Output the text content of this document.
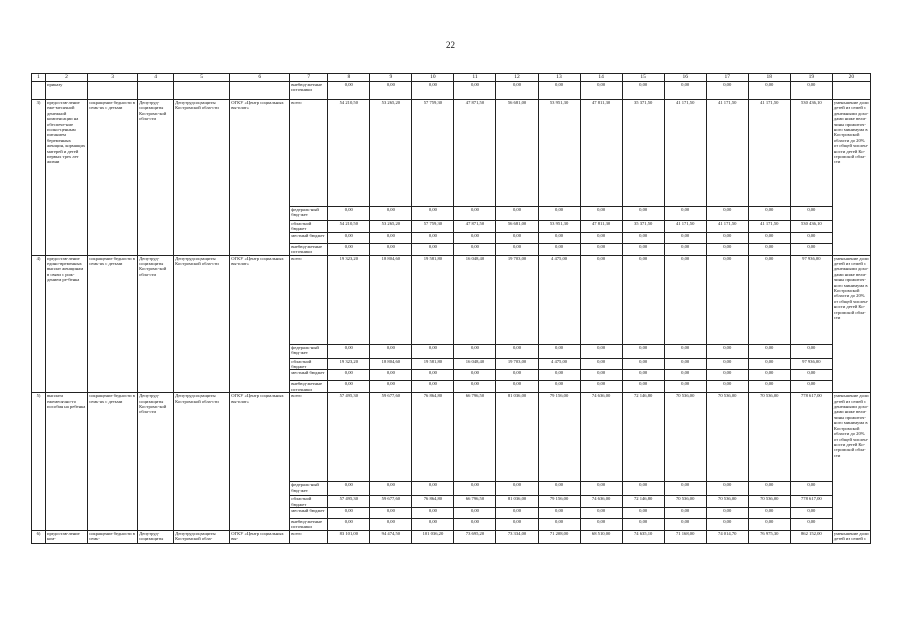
22
1	2	3	4	5	6	7	8	9	10	11	12	13	14	15	16	17	18	19	20
	приказу					внебюд-жетные источники	0,00	0,00	0,00	0,00	0,00	0,00	0,00	0,00	0,00	0,00	0,00	0,00	
3)	предостав-ление еже-месячной денежной компенсации на обеспече-ние полно-ценным питанием беременных женщин, кормящих матерей и детей первых трех лет жизни	сокращение бедности в семь-ях с детьми	Депутруд-социзащиты Костромс-кой обла-сти	Депутрудсоцзащиты Костромской обла-сти	ОГКУ «Центр социальных вы-плат»	всего	54 210,50	53 265,20	57 759,30	47 871,50	56 681,00	53 951,30	47 811,30	35 371,50	41 171,50	41 171,50	41 171,50	530 436,10	уменьшение доли детей из семей с денежными дохо-дами ниже вели-чины прожиточ-ного минимума в Костромской области до 20% от общей числен-ности детей Ко-стромской обла-сти
						федераль-ный бюд-жет	0,00	0,00	0,00	0,00	0,00	0,00	0,00	0,00	0,00	0,00	0,00	0,00	
						областной бюджет	54 210,50	53 265,20	57 759,30	47 871,50	56 681,00	53 951,30	47 811,30	35 371,50	41 171,50	41 171,50	41 171,50	530 436,10	
						местный бюджет	0,00	0,00	0,00	0,00	0,00	0,00	0,00	0,00	0,00	0,00	0,00	0,00	
						внебюд-жетные источники	0,00	0,00	0,00	0,00	0,00	0,00	0,00	0,00	0,00	0,00	0,00	0,00	
4)	предостав-ление едино-временных выплат женщинам в связи с рож-дением ре-бенка	сокращение бедности в семь-ях с детьми	Депутруд-социзащиты Костромс-кой обла-сти	Депутрудсоцзащиты Костромской обла-сти	ОГКУ «Центр социальных вы-плат»	всего	19 323,20	18 804,60	19 581,80	16 048,40	19 703,00	4 475,00	0,00	0,00	0,00	0,00	0,00	97 936,00	уменьшение доли детей из семей с денежными дохо-дами ниже вели-чины прожиточ-ного минимума в Костромской области до 20% от общей числен-ности детей Ко-стромской обла-сти
						федераль-ный бюд-жет	0,00	0,00	0,00	0,00	0,00	0,00	0,00	0,00	0,00	0,00	0,00	0,00	
						областной бюджет	19 323,20	18 804,60	19 581,80	16 048,40	19 703,00	4 475,00	0,00	0,00	0,00	0,00	0,00	97 936,00	
						местный бюджет	0,00	0,00	0,00	0,00	0,00	0,00	0,00	0,00	0,00	0,00	0,00	0,00	
						внебюд-жетные источники	0,00	0,00	0,00	0,00	0,00	0,00	0,00	0,00	0,00	0,00	0,00	0,00	
5)	выплата ежемесячно-го пособия на ребенка	сокращение бедности в семь-ях с детьми	Депутруд-социзащиты Костромс-кой обла-сти	Депутрудсоцзащиты Костромской обла-сти	ОГКУ «Центр социальных вы-плат»	всего	57 495,30	59 677,60	76 864,80	66 796,50	81 036,00	79 156,00	74 636,00	72 146,80	70 536,00	70 536,00	70 536,00	778 617,00	уменьшение доли детей из семей с денежными дохо-дами ниже вели-чины прожиточ-ного минимума в Костромской области до 20% от общей числен-ности детей Ко-стромской обла-сти
						федераль-ный бюд-жет	0,00	0,00	0,00	0,00	0,00	0,00	0,00	0,00	0,00	0,00	0,00	0,00	
						областной бюджет	57 495,30	59 677,60	76 864,80	66 796,50	81 036,00	79 156,00	74 636,00	72 146,80	70 536,00	70 536,00	70 536,00	778 617,00	
						местный бюджет	0,00	0,00	0,00	0,00	0,00	0,00	0,00	0,00	0,00	0,00	0,00	0,00	
						внебюд-жетные источники	0,00	0,00	0,00	0,00	0,00	0,00	0,00	0,00	0,00	0,00	0,00	0,00	
6)	предостав-ление ком-	сокращение бедности в семь-	Депутруд-социзащиты	Депутрудсоцзащиты Костромской обла-	ОГКУ «Центр социальных вы-	всего	83 101,00	94 474,50	101 036,20	73 695,20	73 334,00	71 208,00	68 510,00	74 635,10	71 168,00	74 014,70	76 975,30	862 152,00	уменьшение доли детей из семей с
